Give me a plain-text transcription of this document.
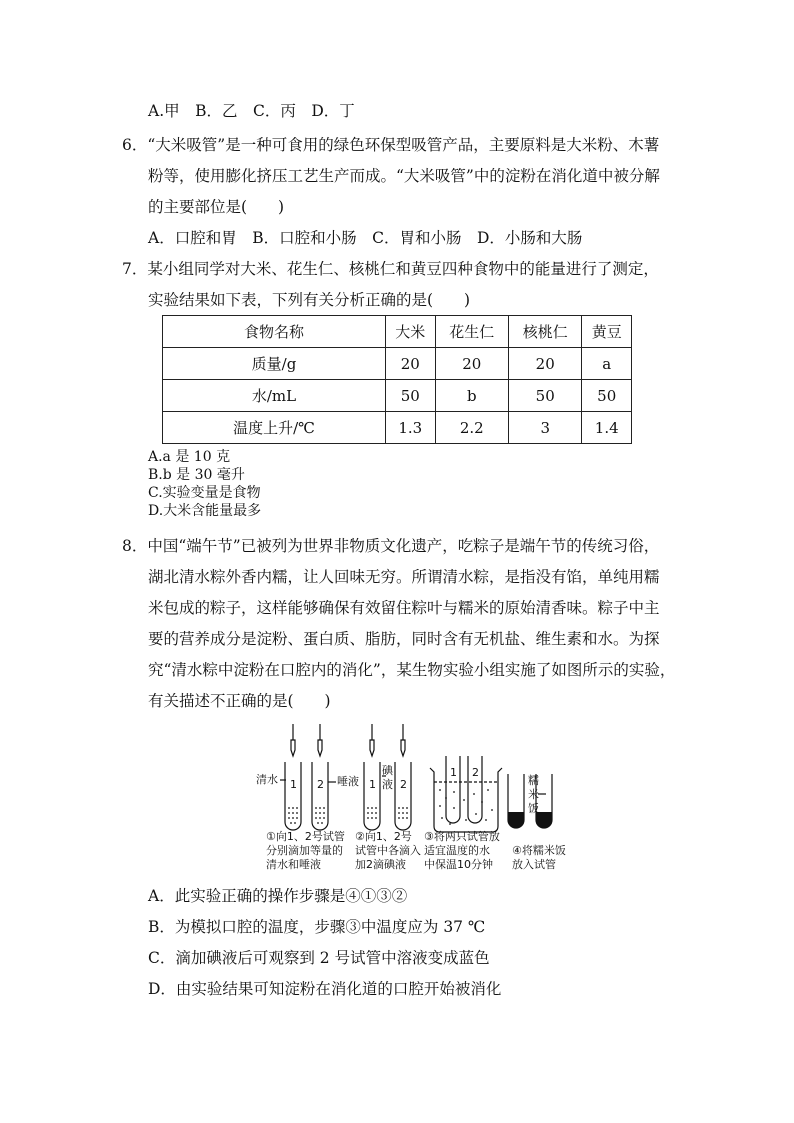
A.甲　B．乙　C．丙　D．丁
6．“大米吸管”是一种可食用的绿色环保型吸管产品，主要原料是大米粉、木薯
粉等，使用膨化挤压工艺生产而成。“大米吸管”中的淀粉在消化道中被分解
的主要部位是(　　)
A．口腔和胃　B．口腔和小肠　C．胃和小肠　D．小肠和大肠
7．某小组同学对大米、花生仁、核桃仁和黄豆四种食物中的能量进行了测定，
实验结果如下表，下列有关分析正确的是(　　)
食物名称	大米	花生仁	核桃仁	黄豆
质量/g	20	20	20	a
水/mL	50	b	50	50
温度上升/℃	1.3	2.2	3	1.4
A.a 是 10 克
B.b 是 30 毫升
C.实验变量是食物
D.大米含能量最多
8．中国“端午节”已被列为世界非物质文化遗产，吃粽子是端午节的传统习俗，
湖北清水粽外香内糯，让人回味无穷。所谓清水粽，是指没有馅，单纯用糯
米包成的粽子，这样能够确保有效留住粽叶与糯米的原始清香味。粽子中主
要的营养成分是淀粉、蛋白质、脂肪，同时含有无机盐、维生素和水。为探
究“清水粽中淀粉在口腔内的消化”，某生物实验小组实施了如图所示的实验，
有关描述不正确的是(　　)
1 2	1 2
1 2
清水	唾液
碘液	糯米饭
①向1、2号试管
分别滴加等量的
清水和唾液
②向1、2号
试管中各滴入
加2滴碘液
③将两只试管放
适宜温度的水
中保温10分钟
④将糯米饭
放入试管
A．此实验正确的操作步骤是④①③②
B．为模拟口腔的温度，步骤③中温度应为 37 ℃
C．滴加碘液后可观察到 2 号试管中溶液变成蓝色
D．由实验结果可知淀粉在消化道的口腔开始被消化
